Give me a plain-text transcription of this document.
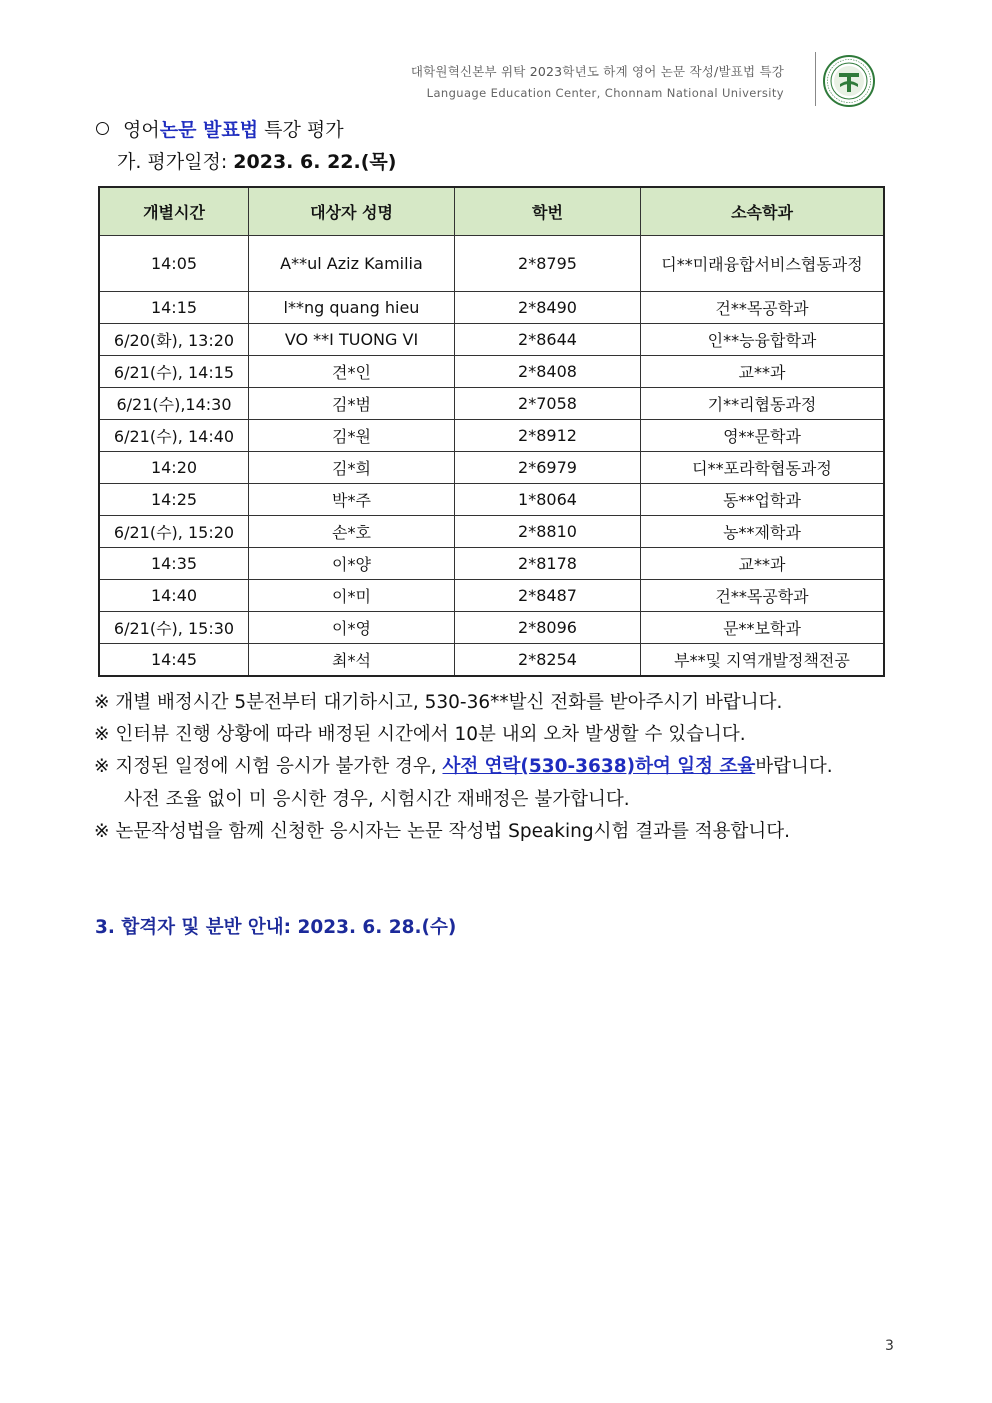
대학원혁신본부 위탁 2023학년도 하계 영어 논문 작성/발표법 특강
Language Education Center, Chonnam National University
영어논문 발표법 특강 평가
가. 평가일정: 2023. 6. 22.(목)
개별시간	대상자 성명	학번	소속학과
14:05	A**ul Aziz Kamilia	2*8795	디**미래융합서비스협동과정
14:15	l**ng quang hieu	2*8490	건**목공학과
6/20(화), 13:20	VO **I TUONG VI	2*8644	인**능융합학과
6/21(수), 14:15	견*인	2*8408	교**과
6/21(수),14:30	김*범	2*7058	기**리협동과정
6/21(수), 14:40	김*원	2*8912	영**문학과
14:20	김*희	2*6979	디**포라학협동과정
14:25	박*주	1*8064	동**업학과
6/21(수), 15:20	손*호	2*8810	농**제학과
14:35	이*양	2*8178	교**과
14:40	이*미	2*8487	건**목공학과
6/21(수), 15:30	이*영	2*8096	문**보학과
14:45	최*석	2*8254	부**및 지역개발정책전공
※ 개별 배정시간 5분전부터 대기하시고, 530-36**발신 전화를 받아주시기 바랍니다.
※ 인터뷰 진행 상황에 따라 배정된 시간에서 10분 내외 오차 발생할 수 있습니다.
※ 지정된 일정에 시험 응시가 불가한 경우, 사전 연락(530-3638)하여 일정 조율바랍니다.
사전 조율 없이 미 응시한 경우, 시험시간 재배정은 불가합니다.
※ 논문작성법을 함께 신청한 응시자는 논문 작성법 Speaking시험 결과를 적용합니다.
3. 합격자 및 분반 안내: 2023. 6. 28.(수)
3
